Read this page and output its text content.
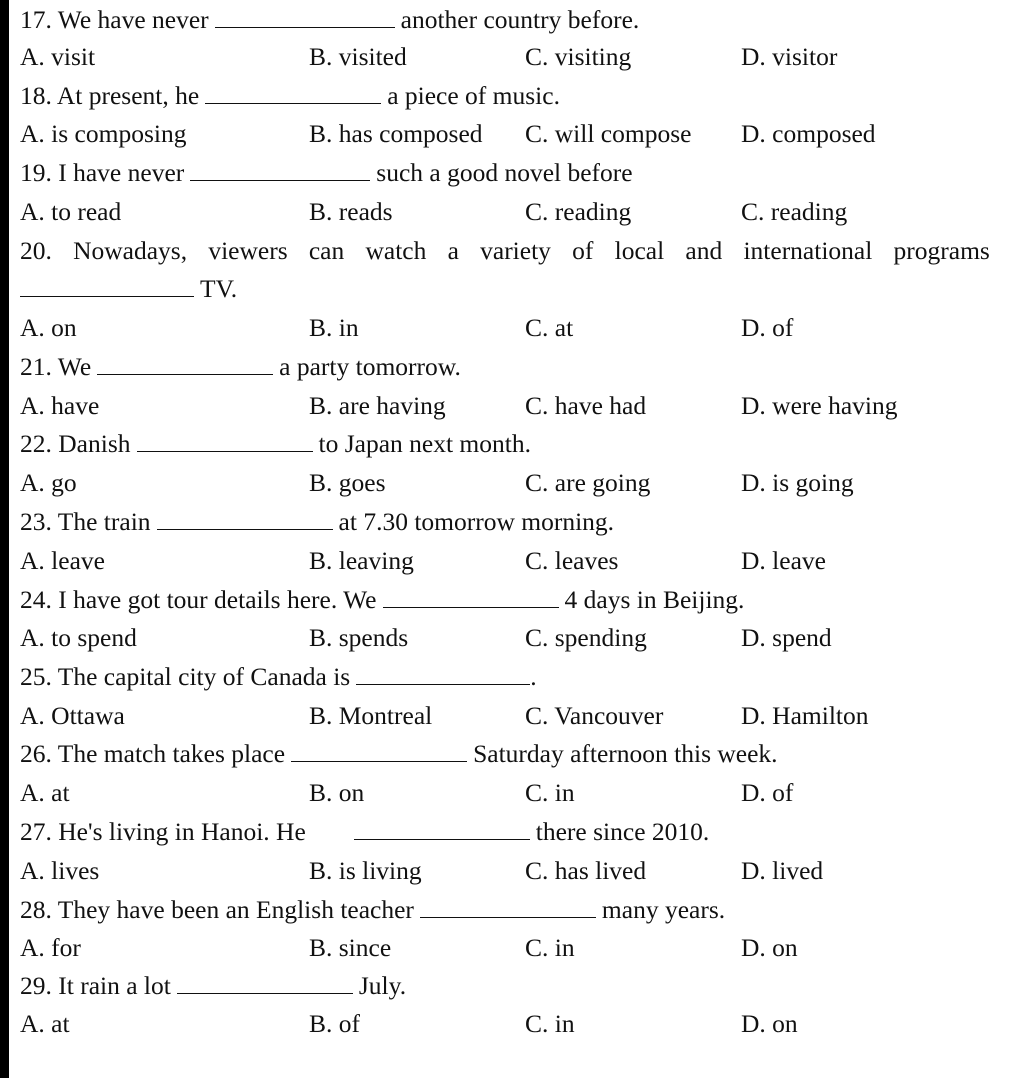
17. We have never	another country before.
A. visit	B. visited	C. visiting	D. visitor
18. At present, he	a piece of music.
A. is composing	B. has composed C. will compose D. composed
19. I have never	such a good novel before
A. to read	B. reads	C. reading	C. reading
20. Nowadays, viewers can watch a variety of local and international programs
TV.
A. on	B. in	C. at	D. of
21. We	a party tomorrow.
A. have	B. are having	C. have had	D. were having
22. Danish	to Japan next month.
A. go	B. goes	C. are going	D. is going
23. The train	at 7.30 tomorrow morning.
A. leave	B. leaving	C. leaves	D. leave
24. I have got tour details here. We	4 days in Beijing.
A. to spend	B. spends	C. spending	D. spend
25. The capital city of Canada is	.
A. Ottawa	B. Montreal	C. Vancouver	D. Hamilton
26. The match takes place	Saturday afternoon this week.
A. at	B. on	C. in	D. of
27. He's living in Hanoi. He	there since 2010.
A. lives	B. is living	C. has lived	D. lived
28. They have been an English teacher	many years.
A. for	B. since	C. in	D. on
29. It rain a lot	July.
A. at	B. of	C. in	D. on
